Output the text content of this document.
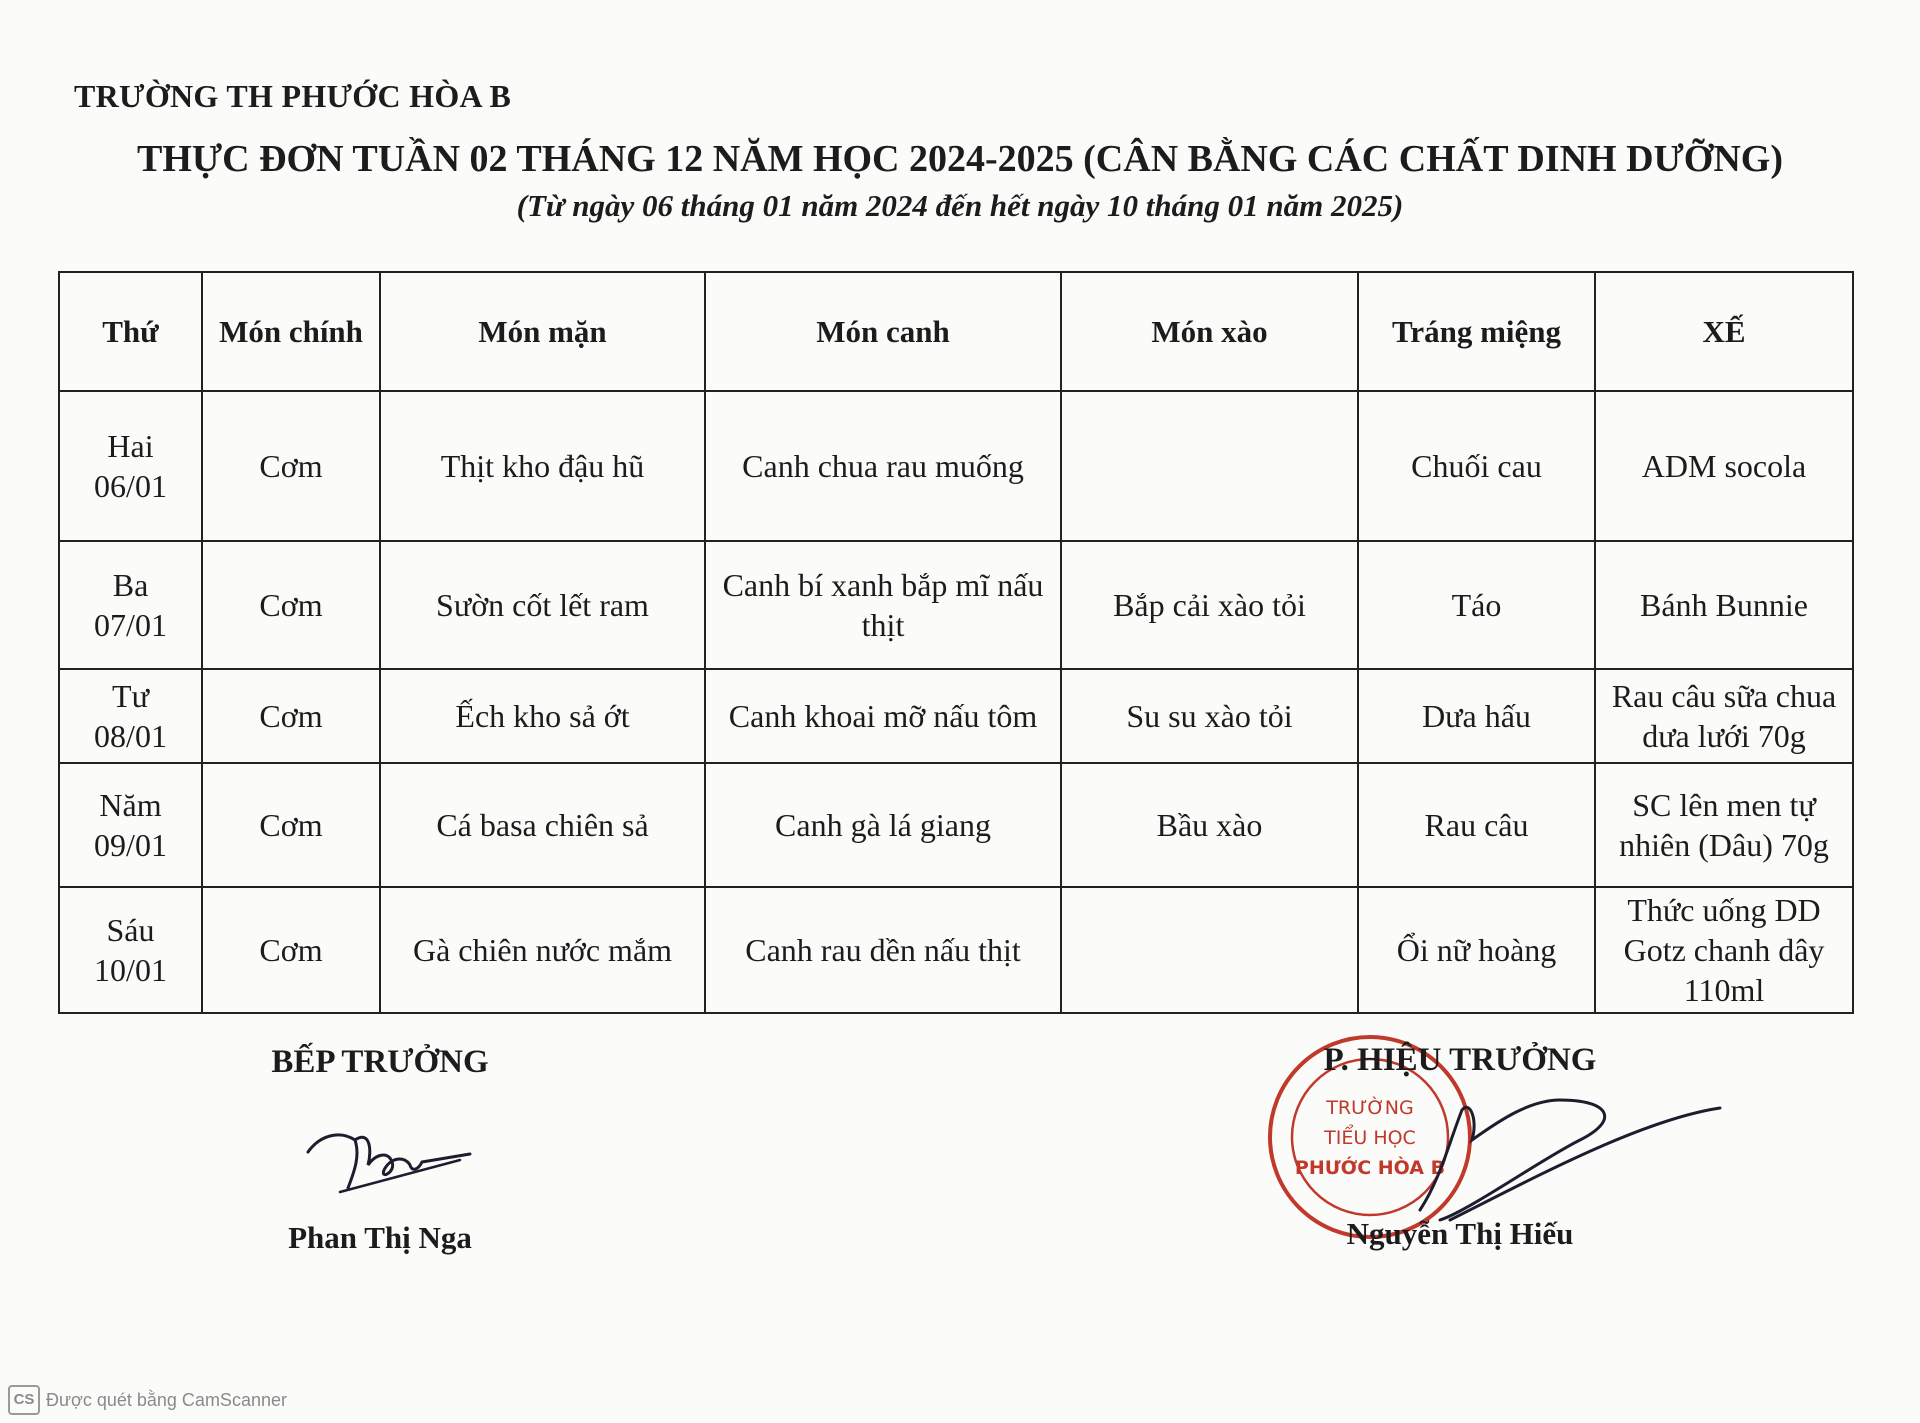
TRƯỜNG TH PHƯỚC HÒA B
THỰC ĐƠN TUẦN 02 THÁNG 12 NĂM HỌC 2024-2025 (CÂN BẰNG CÁC CHẤT DINH DƯỠNG)
(Từ ngày 06 tháng 01 năm 2024 đến hết ngày 10 tháng 01 năm 2025)
Thứ	Món chính	Món mặn	Món canh	Món xào	Tráng miệng	XẾ

Hai
06/01	Cơm	Thịt kho đậu hũ	Canh chua rau muống		Chuối cau	ADM socola

Ba
07/01	Cơm	Sườn cốt lết ram	Canh bí xanh bắp mĩ nấu thịt	Bắp cải xào tỏi	Táo	Bánh Bunnie

Tư
08/01	Cơm	Ếch kho sả ớt	Canh khoai mỡ nấu tôm	Su su xào tỏi	Dưa hấu	Rau câu sữa chua dưa lưới 70g

Năm
09/01	Cơm	Cá basa chiên sả	Canh gà lá giang	Bầu xào	Rau câu	SC lên men tự nhiên (Dâu) 70g

Sáu
10/01	Cơm	Gà chiên nước mắm	Canh rau dền nấu thịt		Ổi nữ hoàng	Thức uống DD Gotz chanh dây 110ml
BẾP TRƯỞNG
Phan Thị Nga
TRƯỜNG
TIỂU HỌC
PHƯỚC HÒA B
P. HIỆU TRƯỞNG
Nguyễn Thị Hiếu
CS Được quét bằng CamScanner
